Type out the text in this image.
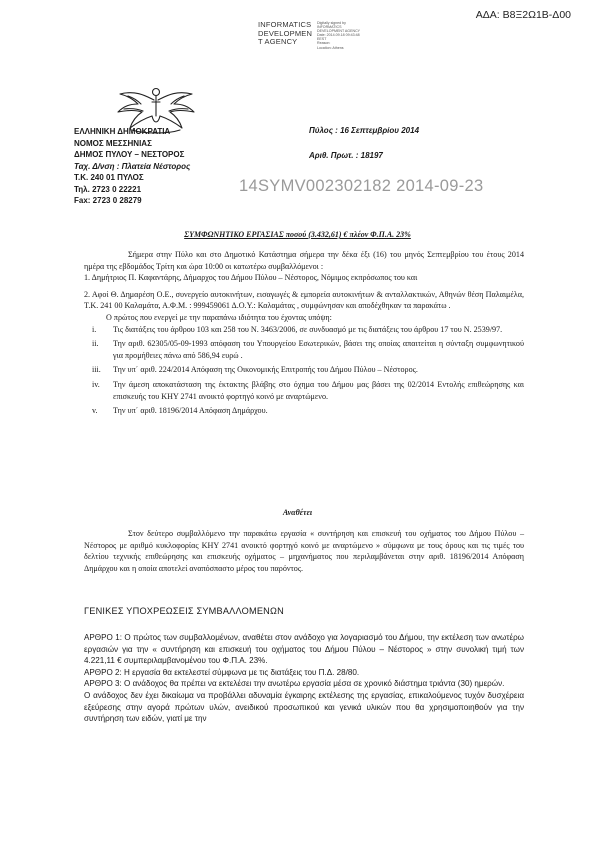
ΑΔΑ: Β8Ξ2Ω1Β-Δ00
INFORMATICS
DEVELOPMEN
T AGENCY
Digitally signed by
INFORMATICS
DEVELOPMENT AGENCY
Date: 2014.09.18 09:43:48
EEST
Reason:
Location: Athens
ΕΛΛΗΝΙΚΗ ΔΗΜΟΚΡΑΤΙΑ
ΝΟΜΟΣ ΜΕΣΣΗΝΙΑΣ
ΔΗΜΟΣ ΠΥΛΟΥ – ΝΕΣΤΟΡΟΣ
Ταχ. Δ/νση : Πλατεία Νέστορος
Τ.Κ. 240 01 ΠΥΛΟΣ
Τηλ. 2723 0 22221
Fax: 2723 0 28279
Πύλος : 16 Σεπτεμβρίου 2014
Αριθ. Πρωτ. : 18197
14SYMV002302182 2014-09-23
ΣΥΜΦΩΝΗΤΙΚΟ ΕΡΓΑΣΙΑΣ ποσού (3.432,61) € πλέον Φ.Π.Α. 23%

Σήμερα στην Πύλο και στο Δημοτικό Κατάστημα σήμερα την δέκα έξι (16) του μηνός Σεπτεμβρίου του έτους 2014 ημέρα της εβδομάδος Τρίτη και ώρα 10:00 οι κατωτέρω συμβαλλόμενοι :

1. Δημήτριος Π. Καφαντάρης, Δήμαρχος του Δήμου Πύλου – Νέστορος, Νόμιμος εκπρόσωπος του και

2. Αφοί Θ. Δημαρέση Ο.Ε., συνεργείο αυτοκινήτων, εισαγωγές & εμπορεία αυτοκινήτων & ανταλλακτικών, Αθηνών θέση Παλαιμέλα, Τ.Κ. 241 00 Καλαμάτα, Α.Φ.Μ. : 999459061 Δ.Ο.Υ.: Καλαμάτας , συμφώνησαν και αποδέχθηκαν τα παρακάτω .

Ο πρώτος που ενεργεί με την παραπάνω ιδιότητα του έχοντας υπόψη:

i. Τις διατάξεις του άρθρου 103 και 258 του Ν. 3463/2006, σε συνδυασμό με τις διατάξεις του άρθρου 17 του Ν. 2539/97.
ii. Την αριθ. 62305/05-09-1993 απόφαση του Υπουργείου Εσωτερικών, βάσει της οποίας απαιτείται η σύνταξη συμφωνητικού για προμήθειες πάνω από 586,94 ευρώ .
iii. Την υπ΄ αριθ. 224/2014 Απόφαση της Οικονομικής Επιτροπής του Δήμου Πύλου – Νέστορος.
iv. Την άμεση αποκατάσταση της έκτακτης βλάβης στο όχημα του Δήμου μας βάσει της 02/2014 Εντολής επιθεώρησης και επισκευής του ΚΗΥ 2741 ανοικτό φορτηγό κοινό με αναρτώμενο.
v. Την υπ΄ αριθ. 18196/2014 Απόφαση Δημάρχου.
Αναθέτει

Στον δεύτερο συμβαλλόμενο την παρακάτω εργασία « συντήρηση και επισκευή του οχήματος του Δήμου Πύλου – Νέστορος με αριθμό κυκλοφορίας ΚΗΥ 2741 ανοικτό φορτηγό κοινό με αναρτώμενο » σύμφωνα με τους όρους και τις τιμές του δελτίου τεχνικής επιθεώρησης και επισκευής οχήματος – μηχανήματος που περιλαμβάνεται στην αριθ. 18196/2014 Απόφαση Δημάρχου και η οποία αποτελεί αναπόσπαστο μέρος του παρόντος.

ΓΕΝΙΚΕΣ ΥΠΟΧΡΕΩΣΕΙΣ ΣΥΜΒΑΛΛΟΜΕΝΩΝ

ΑΡΘΡΟ 1: Ο πρώτος των συμβαλλομένων, αναθέτει στον ανάδοχο για λογαριασμό του Δήμου, την εκτέλεση των ανωτέρω εργασιών για την « συντήρηση και επισκευή του οχήματος του Δήμου Πύλου – Νέστορος » στην συνολική τιμή των 4.221,11 € συμπεριλαμβανομένου του Φ.Π.Α. 23%.

ΑΡΘΡΟ 2: Η εργασία θα εκτελεστεί σύμφωνα με τις διατάξεις του Π.Δ. 28/80.

ΑΡΘΡΟ 3: Ο ανάδοχος θα πρέπει να εκτελέσει την ανωτέρω εργασία μέσα σε χρονικό διάστημα τριάντα (30) ημερών.

Ο ανάδοχος δεν έχει δικαίωμα να προβάλλει αδυναμία έγκαιρης εκτέλεσης της εργασίας, επικαλούμενος τυχόν δυσχέρεια εξεύρεσης στην αγορά πρώτων υλών, ανειδικού προσωπικού και γενικά υλικών που θα χρησιμοποιηθούν για την συντήρηση των ειδών, γιατί με την
